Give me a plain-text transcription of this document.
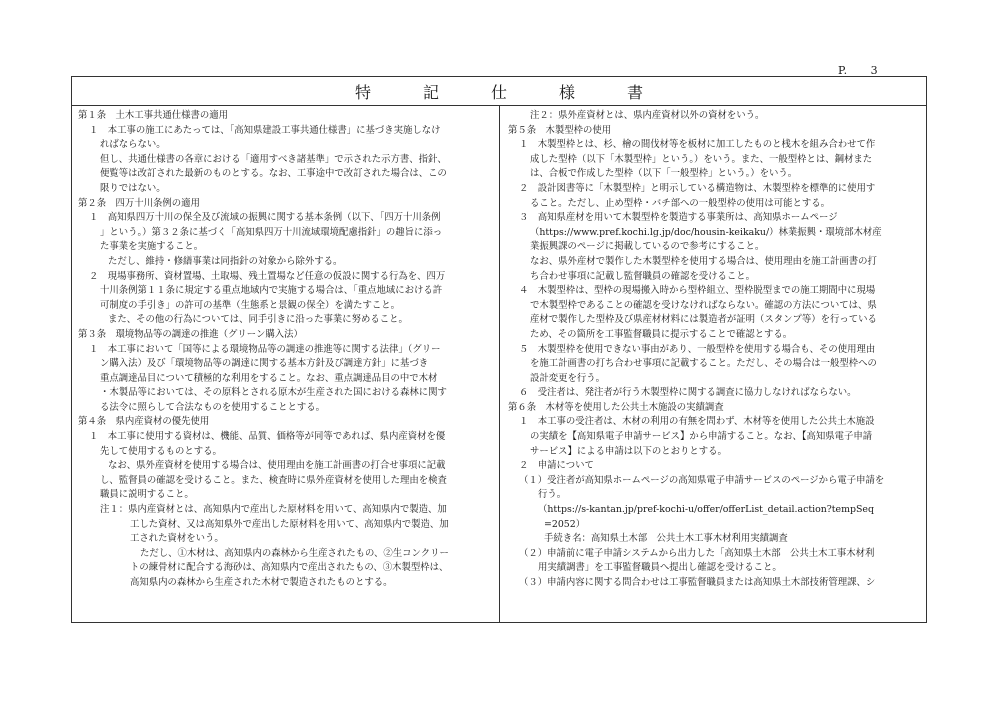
P.　　3
特　記　仕　様　書
第１条　土木工事共通仕様書の適用
１　本工事の施工にあたっては、「高知県建設工事共通仕様書」に基づき実施しなけ
ればならない。
但し、共通仕様書の各章における「適用すべき諸基準」で示された示方書、指針、
便覧等は改訂された最新のものとする。なお、工事途中で改訂された場合は、この
限りではない。
第２条　四万十川条例の適用
１　高知県四万十川の保全及び流域の振興に関する基本条例（以下、「四万十川条例
」という。）第３２条に基づく「高知県四万十川流域環境配慮指針」の趣旨に添っ
た事業を実施すること。
ただし、維持・修繕事業は同指針の対象から除外する。
２　現場事務所、資材置場、土取場、残土置場など任意の仮設に関する行為を、四万
十川条例第１１条に規定する重点地域内で実施する場合は、「重点地域における許
可制度の手引き」の許可の基準（生態系と景観の保全）を満たすこと。
また、その他の行為については、同手引きに沿った事業に努めること。
第３条　環境物品等の調達の推進（グリーン購入法）
１　本工事において「国等による環境物品等の調達の推進等に関する法律」（グリー
ン購入法）及び「環境物品等の調達に関する基本方針及び調達方針」に基づき
重点調達品目について積極的な利用をすること。なお、重点調達品目の中で木材
・木製品等においては、その原料とされる原木が生産された国における森林に関す
る法令に照らして合法なものを使用することとする。
第４条　県内産資材の優先使用
１　本工事に使用する資材は、機能、品質、価格等が同等であれば、県内産資材を優
先して使用するものとする。
なお、県外産資材を使用する場合は、使用理由を施工計画書の打合せ事項に記載
し、監督員の確認を受けること。また、検査時に県外産資材を使用した理由を検査
職員に説明すること。
注１：県内産資材とは、高知県内で産出した原材料を用いて、高知県内で製造、加
工した資材、又は高知県外で産出した原材料を用いて、高知県内で製造、加
工された資材をいう。
ただし、①木材は、高知県内の森林から生産されたもの、②生コンクリー
トの練骨材に配合する海砂は、高知県内で産出されたもの、③木製型枠は、
高知県内の森林から生産された木材で製造されたものとする。
注２：県外産資材とは、県内産資材以外の資材をいう。
第５条　木製型枠の使用
１　木製型枠とは、杉、檜の間伐材等を板材に加工したものと桟木を組み合わせて作
成した型枠（以下「木製型枠」という。）をいう。また、一般型枠とは、鋼材また
は、合板で作成した型枠（以下「一般型枠」という。）をいう。
２　設計図書等に「木製型枠」と明示している構造物は、木製型枠を標準的に使用す
ること。ただし、止め型枠・バチ部への一般型枠の使用は可能とする。
３　高知県産材を用いて木製型枠を製造する事業所は、高知県ホームページ
（https://www.pref.kochi.lg.jp/doc/housin-keikaku/）林業振興・環境部木材産
業振興課のページに掲載しているので参考にすること。
なお、県外産材で製作した木製型枠を使用する場合は、使用理由を施工計画書の打
ち合わせ事項に記載し監督職員の確認を受けること。
４　木製型枠は、型枠の現場搬入時から型枠組立、型枠脱型までの施工期間中に現場
で木製型枠であることの確認を受けなければならない。確認の方法については、県
産材で製作した型枠及び県産材材料には製造者が証明（スタンプ等）を行っている
ため、その箇所を工事監督職員に提示することで確認とする。
５　木製型枠を使用できない事由があり、一般型枠を使用する場合も、その使用理由
を施工計画書の打ち合わせ事項に記載すること。ただし、その場合は一般型枠への
設計変更を行う。
６　受注者は、発注者が行う木製型枠に関する調査に協力しなければならない。
第６条　木材等を使用した公共土木施設の実績調査
１　本工事の受注者は、木材の利用の有無を問わず、木材等を使用した公共土木施設
の実績を【高知県電子申請サービス】から申請すること。なお、【高知県電子申請
サービス】による申請は以下のとおりとする。
２　申請について
（１）受注者が高知県ホームページの高知県電子申請サービスのページから電子申請を
行う。
（https://s-kantan.jp/pref-kochi-u/offer/offerList_detail.action?tempSeq
=2052）
手続き名：高知県土木部　公共土木工事木材利用実績調査
（２）申請前に電子申請システムから出力した「高知県土木部　公共土木工事木材利
用実績調書」を工事監督職員へ提出し確認を受けること。
（３）申請内容に関する問合わせは工事監督職員または高知県土木部技術管理課、シ
